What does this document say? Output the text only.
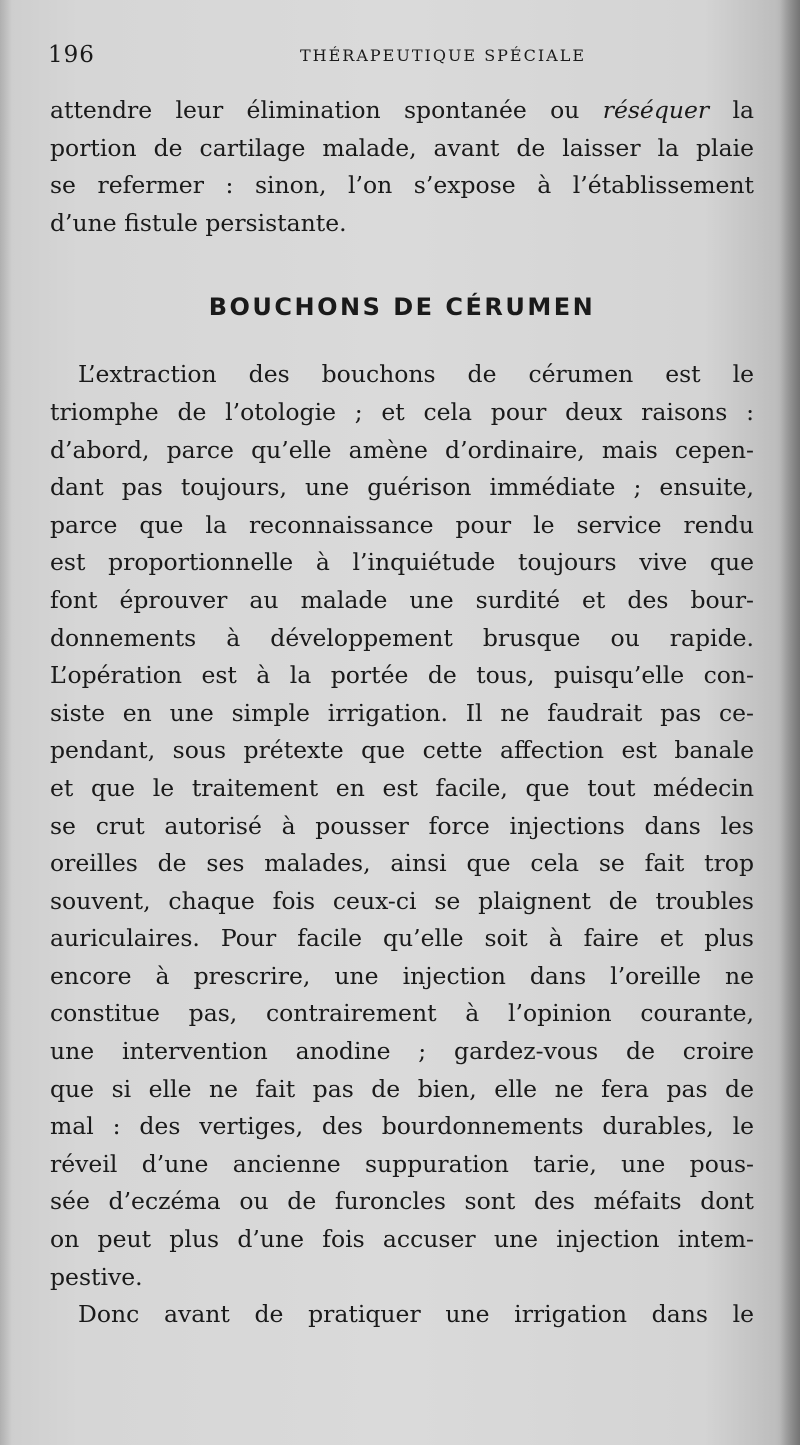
196	THÉRAPEUTIQUE SPÉCIALE
attendre leur élimination spontanée ou réséquer la
portion de cartilage malade, avant de laisser la plaie
se refermer : sinon, l’on s’expose à l’établissement
d’une fistule persistante.
BOUCHONS DE CÉRUMEN
L’extraction des bouchons de cérumen est le
triomphe de l’otologie ; et cela pour deux raisons :
d’abord, parce qu’elle amène d’ordinaire, mais cepen-
dant pas toujours, une guérison immédiate ; ensuite,
parce que la reconnaissance pour le service rendu
est proportionnelle à l’inquiétude toujours vive que
font éprouver au malade une surdité et des bour-
donnements à développement brusque ou rapide.
L’opération est à la portée de tous, puisqu’elle con-
siste en une simple irrigation. Il ne faudrait pas ce-
pendant, sous prétexte que cette affection est banale
et que le traitement en est facile, que tout médecin
se crut autorisé à pousser force injections dans les
oreilles de ses malades, ainsi que cela se fait trop
souvent, chaque fois ceux-ci se plaignent de troubles
auriculaires. Pour facile qu’elle soit à faire et plus
encore à prescrire, une injection dans l’oreille ne
constitue pas, contrairement à l’opinion courante,
une intervention anodine ; gardez-vous de croire
que si elle ne fait pas de bien, elle ne fera pas de
mal : des vertiges, des bourdonnements durables, le
réveil d’une ancienne suppuration tarie, une pous-
sée d’eczéma ou de furoncles sont des méfaits dont
on peut plus d’une fois accuser une injection intem-
pestive.
Donc avant de pratiquer une irrigation dans le
